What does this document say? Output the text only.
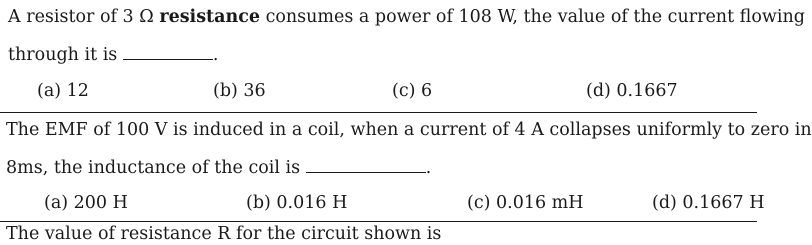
A resistor of 3 Ω resistance consumes a power of 108 W, the value of the current flowing
through it is	.
(a) 12	(b) 36	(c) 6	(d) 0.1667
The EMF of 100 V is induced in a coil, when a current of 4 A collapses uniformly to zero in
8ms, the inductance of the coil is	.
(a) 200 H	(b) 0.016 H	(c) 0.016 mH	(d) 0.1667 H
The value of resistance R for the circuit shown is
